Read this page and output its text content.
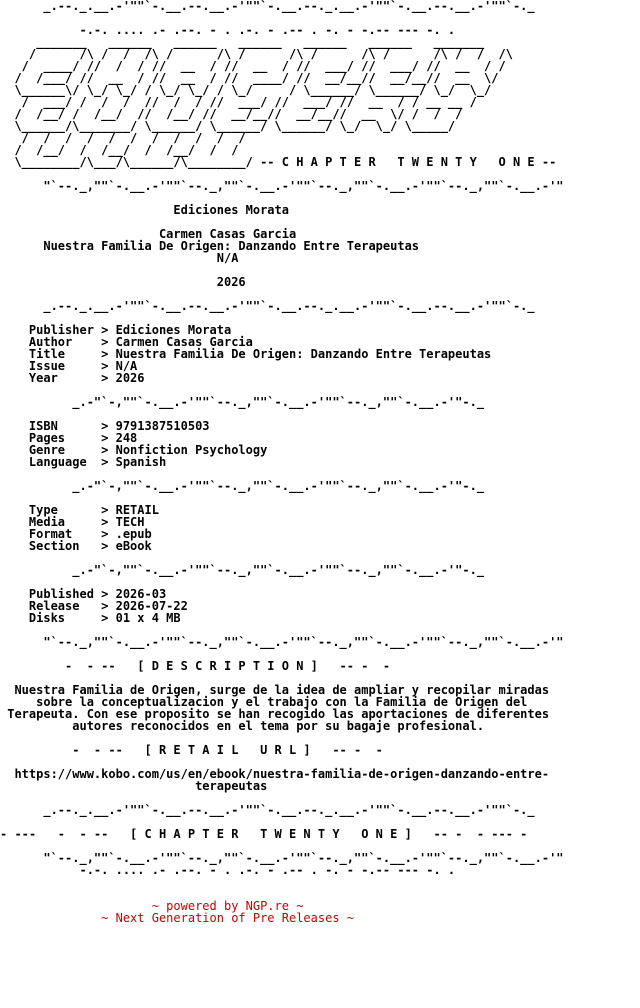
_.--._.__.-'""`-.__.--.__.-'""`-.__.--._.__.-'""`-.__.--.__.-'""`-._
-.-. .... .- .--. - . .-. - .-- . -. - -.-- --- -. .
_______   ______   ______   ______   ______   ______   _______
/      /\ /  /  /\ /      /\ /      /\ /      /\ /      /\ /  /  /\
/  ____/ //  /  / //  __  / //  __  / //  ___/ //  ___/ //  __  / /
/  /___/ //  __  / //  __  / //  ____/ //  __/__//  __/__//  __  \/
\______\/ \_/ \_/ / \_/ \_/ / \_/     / \______/ \______/ \_/  \_/
/  ___/ /  /  /  //  /  / //  ___/ //  ___/ //  __  / / __ __ /
/  /__/ /  /__/  //  /__/ //  __/__//  __/__//  __  \/ /  /  /
\______/\_______/ \______/ \______/ \______/ \_/  \_/ \_____/
/  /  /  /  /  /  /  /  /  /  /
/  /__/  /  /__/  /  /__/  /  /
\________/\___/\______/\________/ -- C H A P T E R   T W E N T Y   O N E --
"`--._,""`-.__.-'""`--._,""`-.__.-'""`--._,""`-.__.-'""`--._,""`-.__.-'"
Ediciones Morata
Carmen Casas Garcia
Nuestra Familia De Origen: Danzando Entre Terapeutas
N/A
2026
_.--._.__.-'""`-.__.--.__.-'""`-.__.--._.__.-'""`-.__.--.__.-'""`-._
Publisher > Ediciones Morata
Author    > Carmen Casas Garcia
Title     > Nuestra Familia De Origen: Danzando Entre Terapeutas
Issue     > N/A
Year      > 2026
_.-"`-,""`-.__.-'""`--._,""`-.__.-'""`--._,""`-.__.-'"-._
ISBN      > 9791387510503
Pages     > 248
Genre     > Nonfiction Psychology
Language  > Spanish
_.-"`-,""`-.__.-'""`--._,""`-.__.-'""`--._,""`-.__.-'"-._
Type      > RETAIL
Media     > TECH
Format    > .epub
Section   > eBook
_.-"`-,""`-.__.-'""`--._,""`-.__.-'""`--._,""`-.__.-'"-._
Published > 2026-03
Release   > 2026-07-22
Disks     > 01 x 4 MB
"`--._,""`-.__.-'""`--._,""`-.__.-'""`--._,""`-.__.-'""`--._,""`-.__.-'"
-  - --   [ D E S C R I P T I O N ]   -- -  -
Nuestra Familia de Origen, surge de la idea de ampliar y recopilar miradas
sobre la conceptualizacion y el trabajo con la Familia de Origen del
Terapeuta. Con ese proposito se han recogido las aportaciones de diferentes
autores reconocidos en el tema por su bagaje profesional.
-  - --   [ R E T A I L   U R L ]   -- -  -
https://www.kobo.com/us/en/ebook/nuestra-familia-de-origen-danzando-entre-
terapeutas
_.--._.__.-'""`-.__.--.__.-'""`-.__.--._.__.-'""`-.__.--.__.-'""`-._
- ---   -  - --   [ C H A P T E R   T W E N T Y   O N E ]   -- -  - --- -
"`--._,""`-.__.-'""`--._,""`-.__.-'""`--._,""`-.__.-'""`--._,""`-.__.-'"
-.-. .... .- .--. - . .-. - .-- . -. - -.-- --- -. .
~ powered by NGP.re ~
~ Next Generation of Pre Releases ~
